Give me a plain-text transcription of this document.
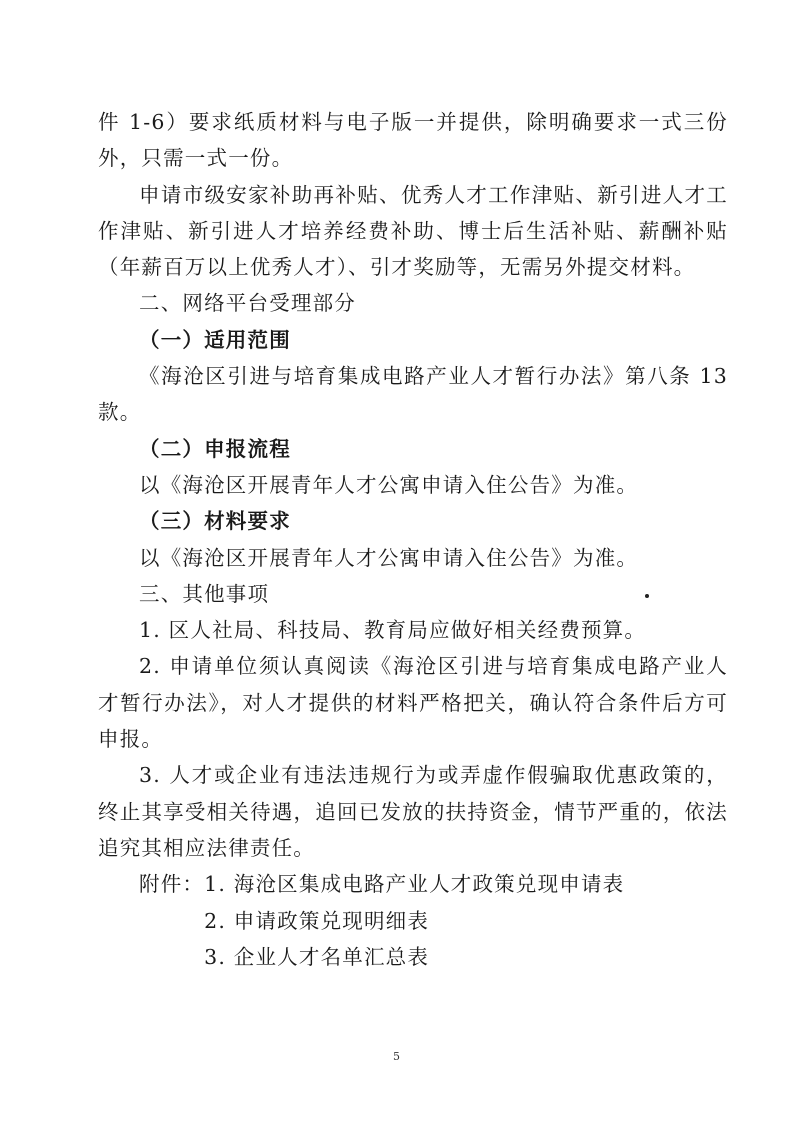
件 1-6）要求纸质材料与电子版一并提供，除明确要求一式三份外，只需一式一份。

申请市级安家补助再补贴、优秀人才工作津贴、新引进人才工作津贴、新引进人才培养经费补助、博士后生活补贴、薪酬补贴（年薪百万以上优秀人才）、引才奖励等，无需另外提交材料。

二、网络平台受理部分

（一）适用范围

《海沧区引进与培育集成电路产业人才暂行办法》第八条 13 款。

（二）申报流程

以《海沧区开展青年人才公寓申请入住公告》为准。

（三）材料要求

以《海沧区开展青年人才公寓申请入住公告》为准。

三、其他事项

1. 区人社局、科技局、教育局应做好相关经费预算。

2. 申请单位须认真阅读《海沧区引进与培育集成电路产业人才暂行办法》，对人才提供的材料严格把关，确认符合条件后方可申报。

3. 人才或企业有违法违规行为或弄虚作假骗取优惠政策的，终止其享受相关待遇，追回已发放的扶持资金，情节严重的，依法追究其相应法律责任。

附件： 1. 海沧区集成电路产业人才政策兑现申请表
2. 申请政策兑现明细表
3. 企业人才名单汇总表
5
